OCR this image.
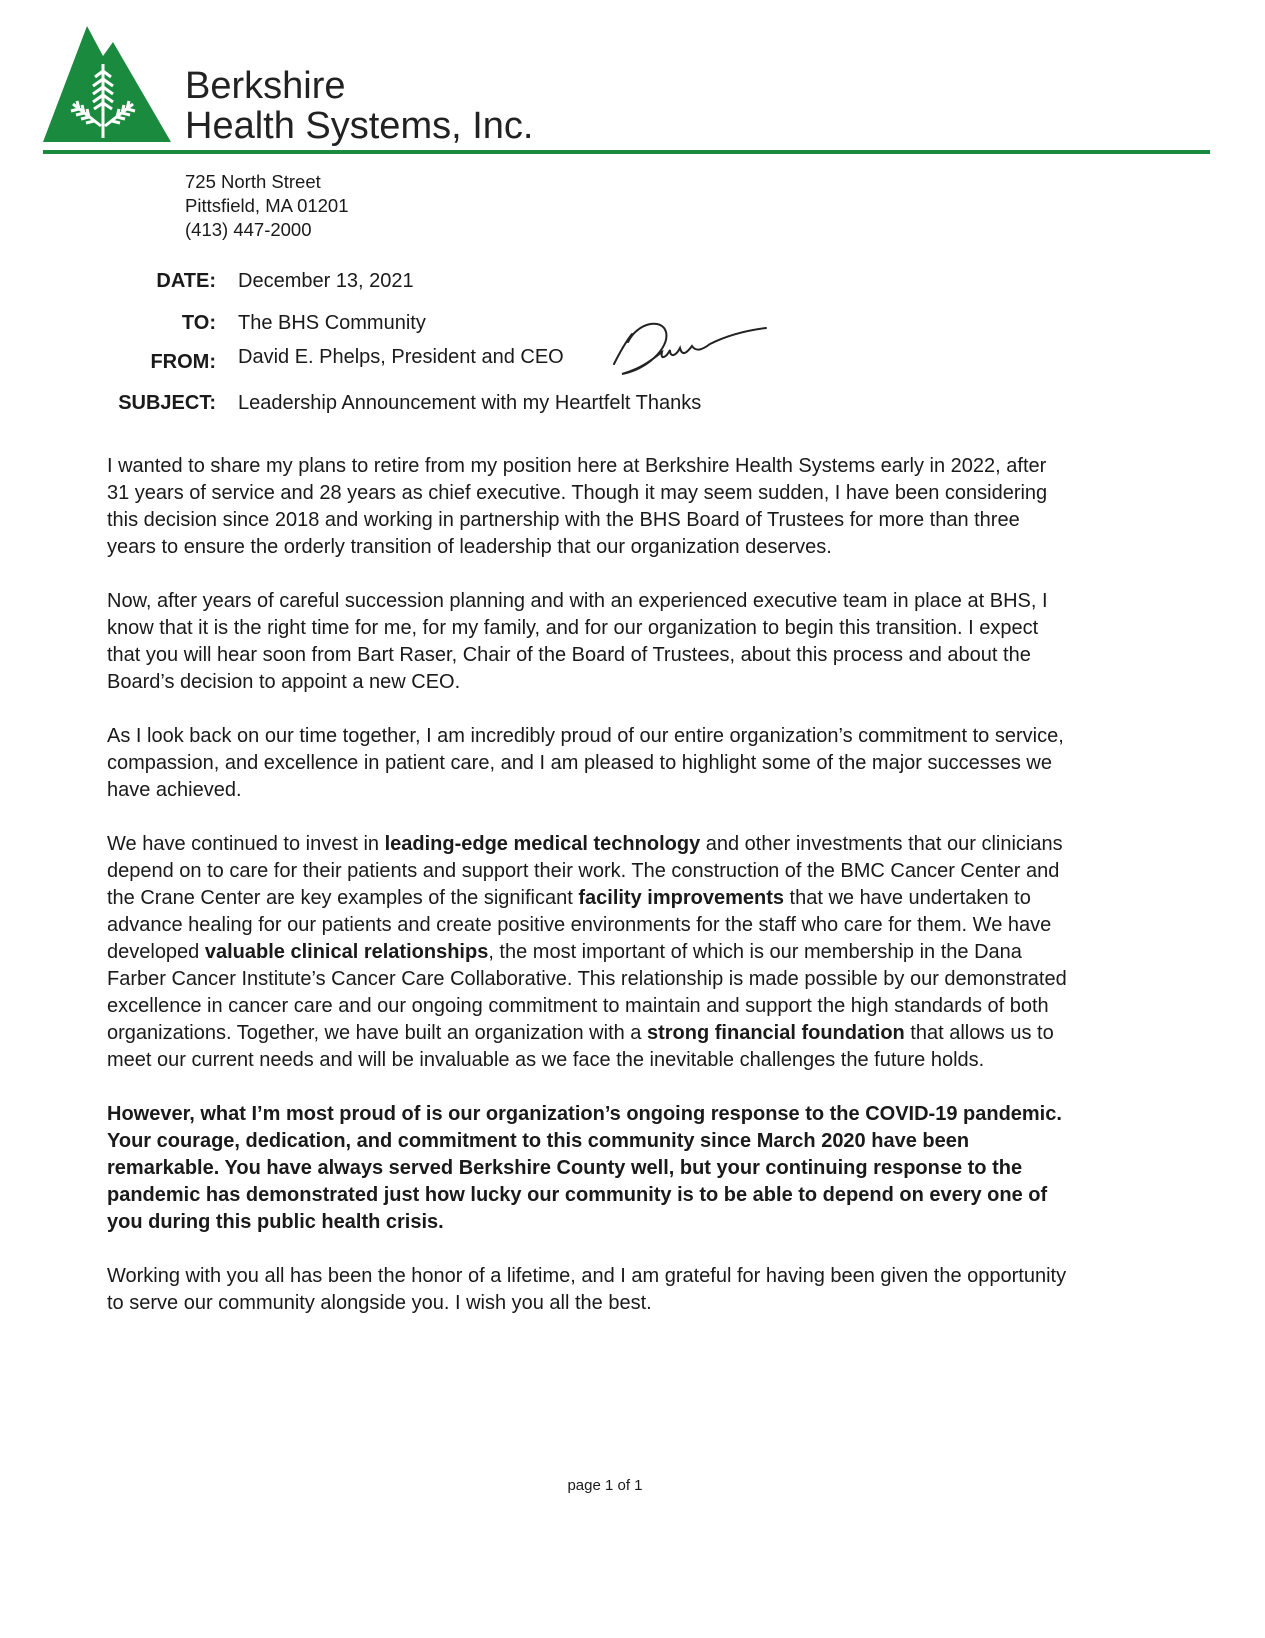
Berkshire
Health Systems, Inc.
725 North Street
Pittsfield, MA 01201
(413) 447-2000
DATE: December 13, 2021
TO: The BHS Community
FROM: David E. Phelps, President and CEO
SUBJECT: Leadership Announcement with my Heartfelt Thanks

I wanted to share my plans to retire from my position here at Berkshire Health Systems early in 2022, after 31 years of service and 28 years as chief executive. Though it may seem sudden, I have been considering this decision since 2018 and working in partnership with the BHS Board of Trustees for more than three years to ensure the orderly transition of leadership that our organization deserves.

Now, after years of careful succession planning and with an experienced executive team in place at BHS, I know that it is the right time for me, for my family, and for our organization to begin this transition. I expect that you will hear soon from Bart Raser, Chair of the Board of Trustees, about this process and about the Board’s decision to appoint a new CEO.

As I look back on our time together, I am incredibly proud of our entire organization’s commitment to service, compassion, and excellence in patient care, and I am pleased to highlight some of the major successes we have achieved.

We have continued to invest in leading-edge medical technology and other investments that our clinicians depend on to care for their patients and support their work. The construction of the BMC Cancer Center and the Crane Center are key examples of the significant facility improvements that we have undertaken to advance healing for our patients and create positive environments for the staff who care for them. We have developed valuable clinical relationships, the most important of which is our membership in the Dana Farber Cancer Institute’s Cancer Care Collaborative. This relationship is made possible by our demonstrated excellence in cancer care and our ongoing commitment to maintain and support the high standards of both organizations. Together, we have built an organization with a strong financial foundation that allows us to meet our current needs and will be invaluable as we face the inevitable challenges the future holds.

However, what I’m most proud of is our organization’s ongoing response to the COVID-19 pandemic. Your courage, dedication, and commitment to this community since March 2020 have been remarkable. You have always served Berkshire County well, but your continuing response to the pandemic has demonstrated just how lucky our community is to be able to depend on every one of you during this public health crisis.

Working with you all has been the honor of a lifetime, and I am grateful for having been given the opportunity to serve our community alongside you. I wish you all the best.

page 1 of 1
